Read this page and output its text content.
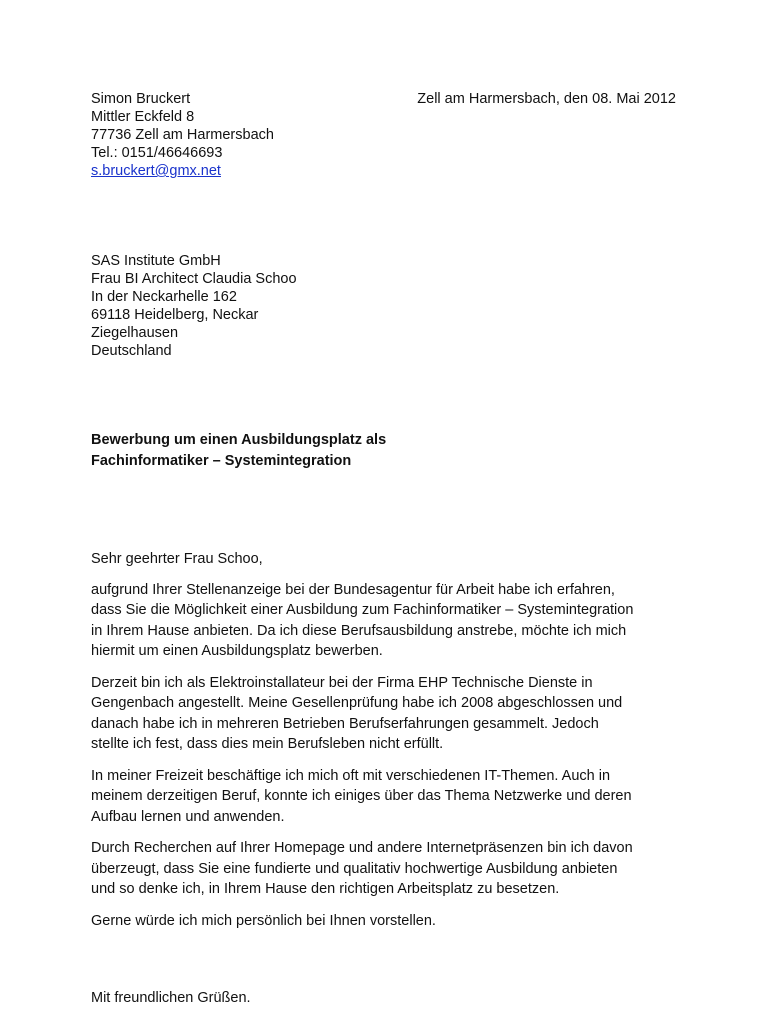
Simon Bruckert
Mittler Eckfeld 8
77736 Zell am Harmersbach
Tel.: 0151/46646693
s.bruckert@gmx.net
Zell am Harmersbach, den 08. Mai 2012
SAS Institute GmbH
Frau BI Architect Claudia Schoo
In der Neckarhelle 162
69118 Heidelberg, Neckar
Ziegelhausen
Deutschland
Bewerbung um einen Ausbildungsplatz als
Fachinformatiker – Systemintegration
Sehr geehrter Frau Schoo,
aufgrund Ihrer Stellenanzeige bei der Bundesagentur für Arbeit habe ich erfahren,
dass Sie die Möglichkeit einer Ausbildung zum Fachinformatiker – Systemintegration
in Ihrem Hause anbieten. Da ich diese Berufsausbildung anstrebe, möchte ich mich
hiermit um einen Ausbildungsplatz bewerben.
Derzeit bin ich als Elektroinstallateur bei der Firma EHP Technische Dienste in
Gengenbach angestellt. Meine Gesellenprüfung habe ich 2008 abgeschlossen und
danach habe ich in mehreren Betrieben Berufserfahrungen gesammelt. Jedoch
stellte ich fest, dass dies mein Berufsleben nicht erfüllt.
In meiner Freizeit beschäftige ich mich oft mit verschiedenen IT-Themen. Auch in
meinem derzeitigen Beruf, konnte ich einiges über das Thema Netzwerke und deren
Aufbau lernen und anwenden.
Durch Recherchen auf Ihrer Homepage und andere Internetpräsenzen bin ich davon
überzeugt, dass Sie eine fundierte und qualitativ hochwertige Ausbildung anbieten
und so denke ich, in Ihrem Hause den richtigen Arbeitsplatz zu besetzen.
Gerne würde ich mich persönlich bei Ihnen vorstellen.
Mit freundlichen Grüßen.
